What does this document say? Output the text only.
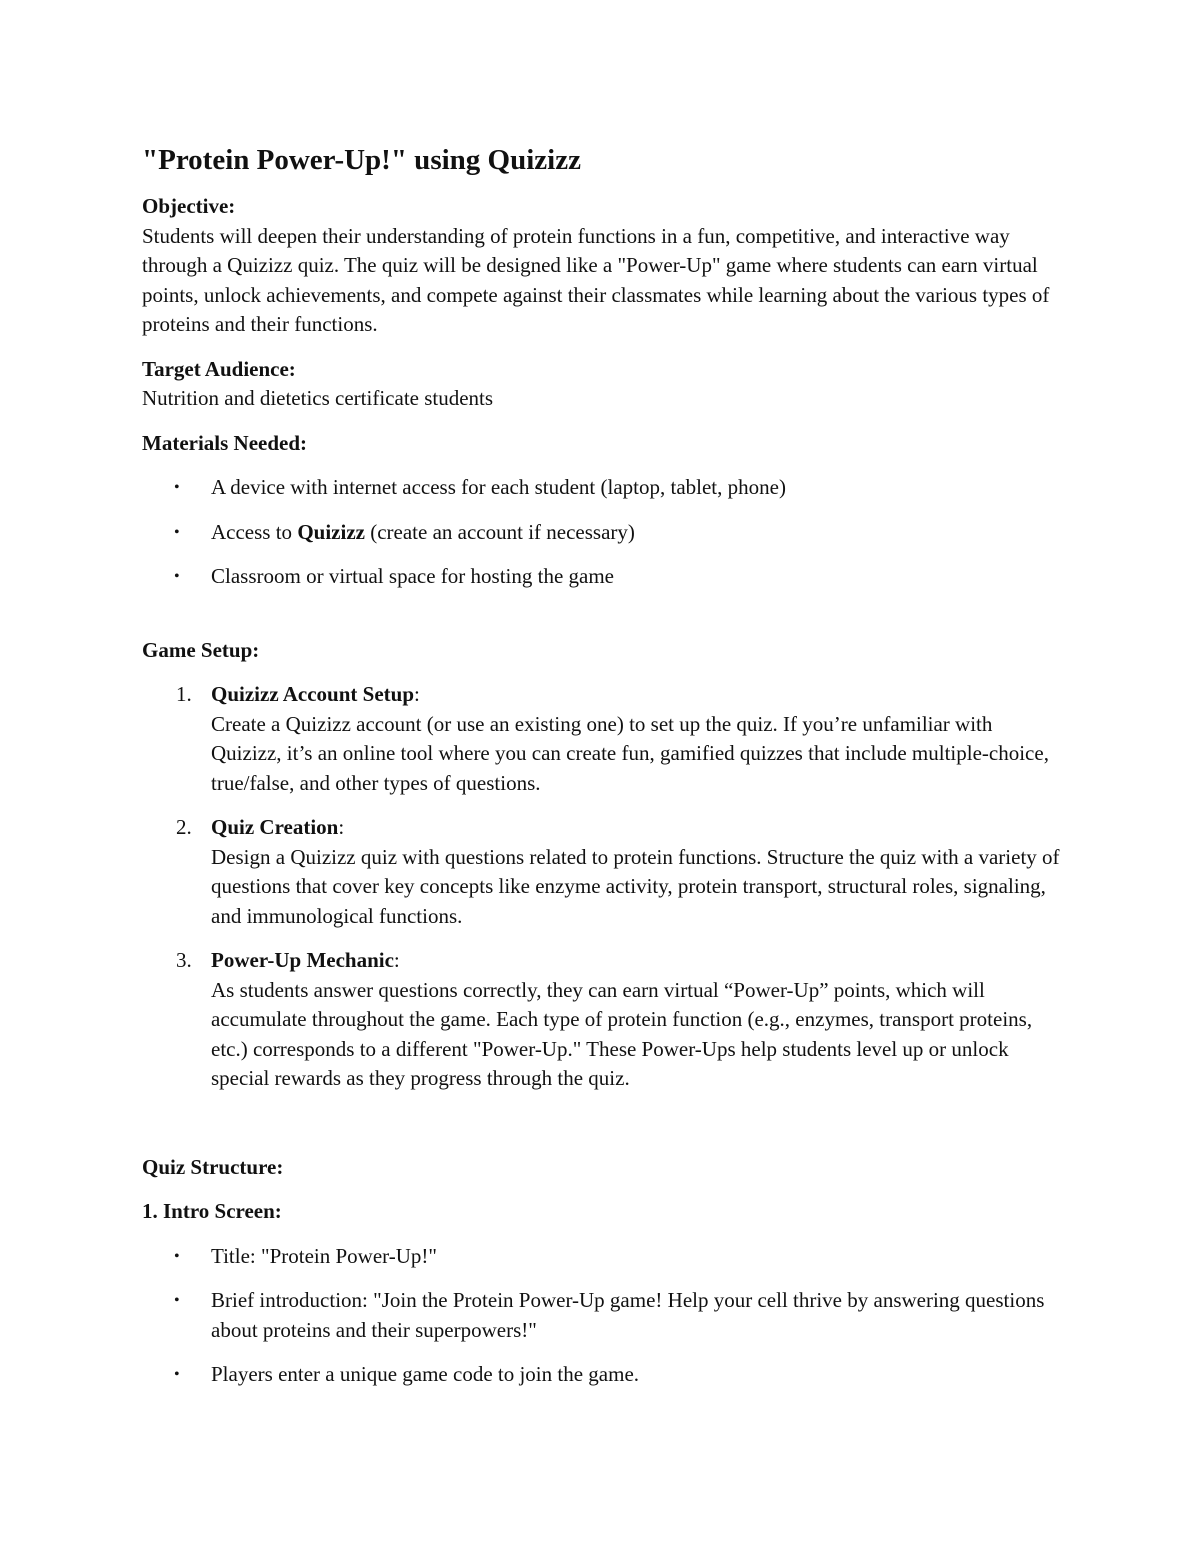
"Protein Power-Up!" using Quizizz

Objective:

Students will deepen their understanding of protein functions in a fun, competitive, and interactive way through a Quizizz quiz. The quiz will be designed like a "Power-Up" game where students can earn virtual points, unlock achievements, and compete against their classmates while learning about the various types of proteins and their functions.

Target Audience:

Nutrition and dietetics certificate students

Materials Needed:

• A device with internet access for each student (laptop, tablet, phone)
• Access to Quizizz (create an account if necessary)
• Classroom or virtual space for hosting the game

Game Setup:

1. Quizizz Account Setup:
Create a Quizizz account (or use an existing one) to set up the quiz. If you’re unfamiliar with Quizizz, it’s an online tool where you can create fun, gamified quizzes that include multiple-choice, true/false, and other types of questions.
2. Quiz Creation:
Design a Quizizz quiz with questions related to protein functions. Structure the quiz with a variety of questions that cover key concepts like enzyme activity, protein transport, structural roles, signaling, and immunological functions.
3. Power-Up Mechanic:
As students answer questions correctly, they can earn virtual “Power-Up” points, which will accumulate throughout the game. Each type of protein function (e.g., enzymes, transport proteins, etc.) corresponds to a different "Power-Up." These Power-Ups help students level up or unlock special rewards as they progress through the quiz.

Quiz Structure:

1. Intro Screen:

• Title: "Protein Power-Up!"
• Brief introduction: "Join the Protein Power-Up game! Help your cell thrive by answering questions about proteins and their superpowers!"
• Players enter a unique game code to join the game.
